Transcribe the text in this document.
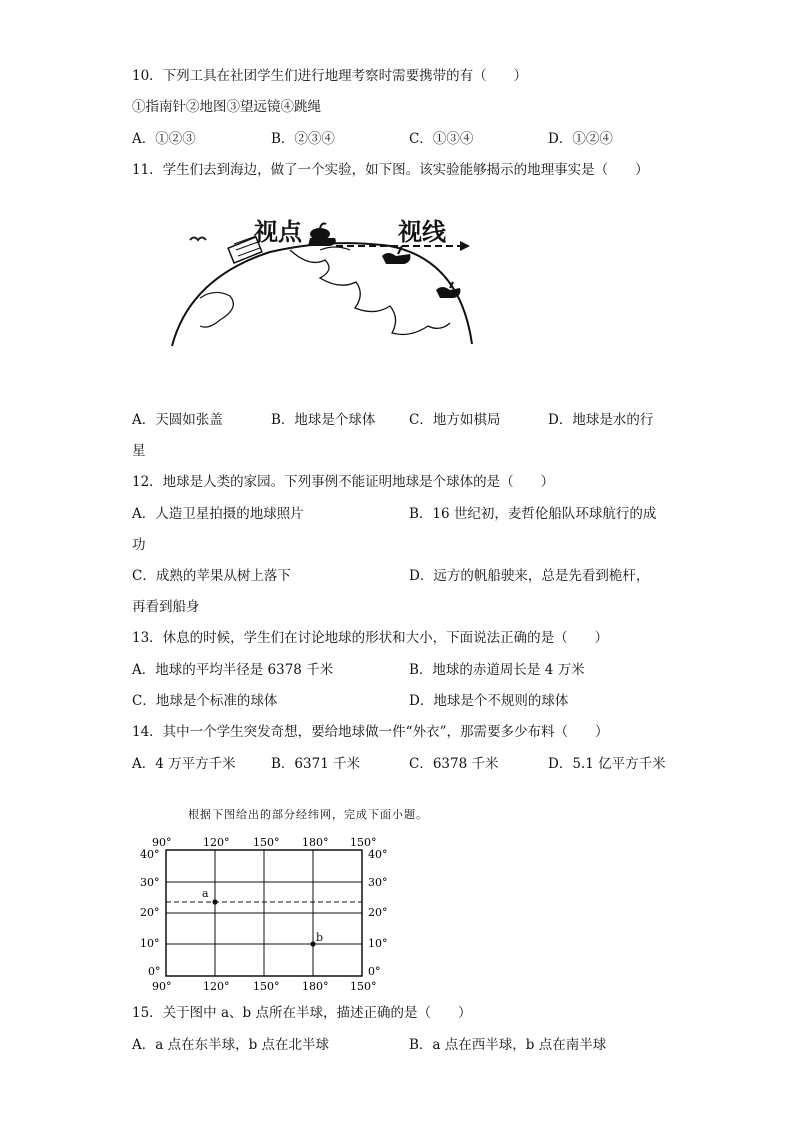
10．下列工具在社团学生们进行地理考察时需要携带的有（　　）
①指南针②地图③望远镜④跳绳
A．①②③	B．②③④	C．①③④	D．①②④
11．学生们去到海边，做了一个实验，如下图。该实验能够揭示的地理事实是（　　）
视点	视线
A．天圆如张盖	B．地球是个球体 C．地方如棋局	D．地球是水的行
星
12．地球是人类的家园。下列事例不能证明地球是个球体的是（　　）
A．人造卫星拍摄的地球照片	B．16 世纪初，麦哲伦船队环球航行的成
功
C．成熟的苹果从树上落下	D．远方的帆船驶来，总是先看到桅杆，
再看到船身
13．休息的时候，学生们在讨论地球的形状和大小，下面说法正确的是（　　）
A．地球的平均半径是 6378 千米	B．地球的赤道周长是 4 万米
C．地球是个标准的球体	D．地球是个不规则的球体
14．其中一个学生突发奇想，要给地球做一件“外衣”，那需要多少布料（　　）
A．4 万平方千米	B．6371 千米	C．6378 千米	D．5.1 亿平方千米
根据下图给出的部分经纬网，完成下面小题。
a
b
90°	120° 150° 180° 150°
90°	120° 150° 180° 150°
40°
30°
20°
10°
0°
40°
30°
20°
10°
0°
15．关于图中 a、b 点所在半球，描述正确的是（　　）
A．a 点在东半球，b 点在北半球	B．a 点在西半球，b 点在南半球
